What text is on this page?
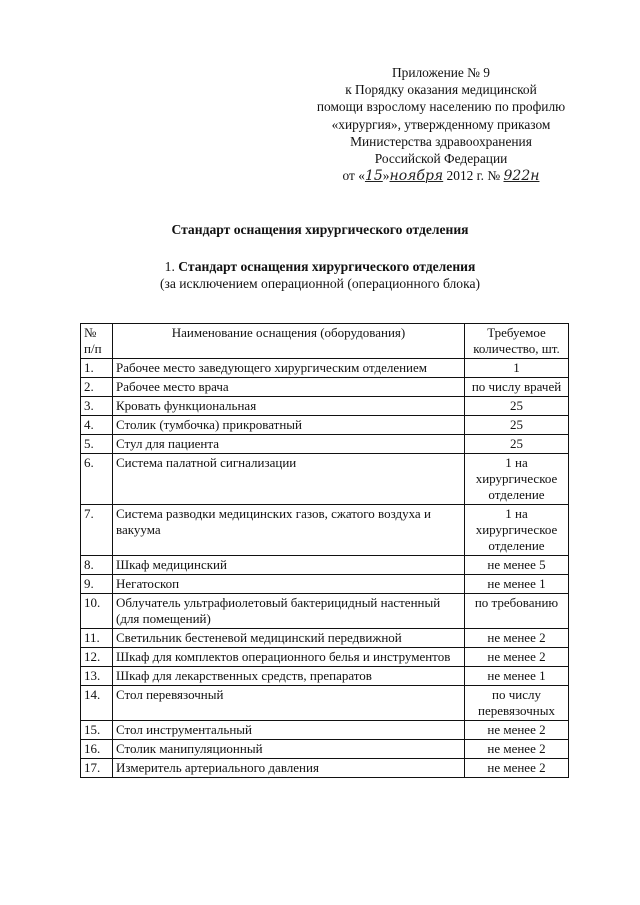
Приложение № 9
к Порядку оказания медицинской
помощи взрослому населению по профилю
«хирургия», утвержденному приказом
Министерства здравоохранения
Российской Федерации
от «15»ноября 2012 г. № 922н
Стандарт оснащения хирургического отделения
1. Стандарт оснащения хирургического отделения
(за исключением операционной (операционного блока)
№ п/п	Наименование оснащения (оборудования)	Требуемое количество, шт.
1.	Рабочее место заведующего хирургическим отделением	1
2.	Рабочее место врача	по числу врачей
3.	Кровать функциональная	25
4.	Столик (тумбочка) прикроватный	25
5.	Стул для пациента	25
6.	Система палатной сигнализации	1 на хирургическое отделение
7.	Система разводки медицинских газов, сжатого воздуха и вакуума	1 на хирургическое отделение
8.	Шкаф медицинский	не менее 5
9.	Негатоскоп	не менее 1
10.	Облучатель ультрафиолетовый бактерицидный настенный (для помещений)	по требованию
11.	Светильник бестеневой медицинский передвижной	не менее 2
12.	Шкаф для комплектов операционного белья и инструментов	не менее 2
13.	Шкаф для лекарственных средств, препаратов	не менее 1
14.	Стол перевязочный	по числу перевязочных
15.	Стол инструментальный	не менее 2
16.	Столик манипуляционный	не менее 2
17.	Измеритель артериального давления	не менее 2
